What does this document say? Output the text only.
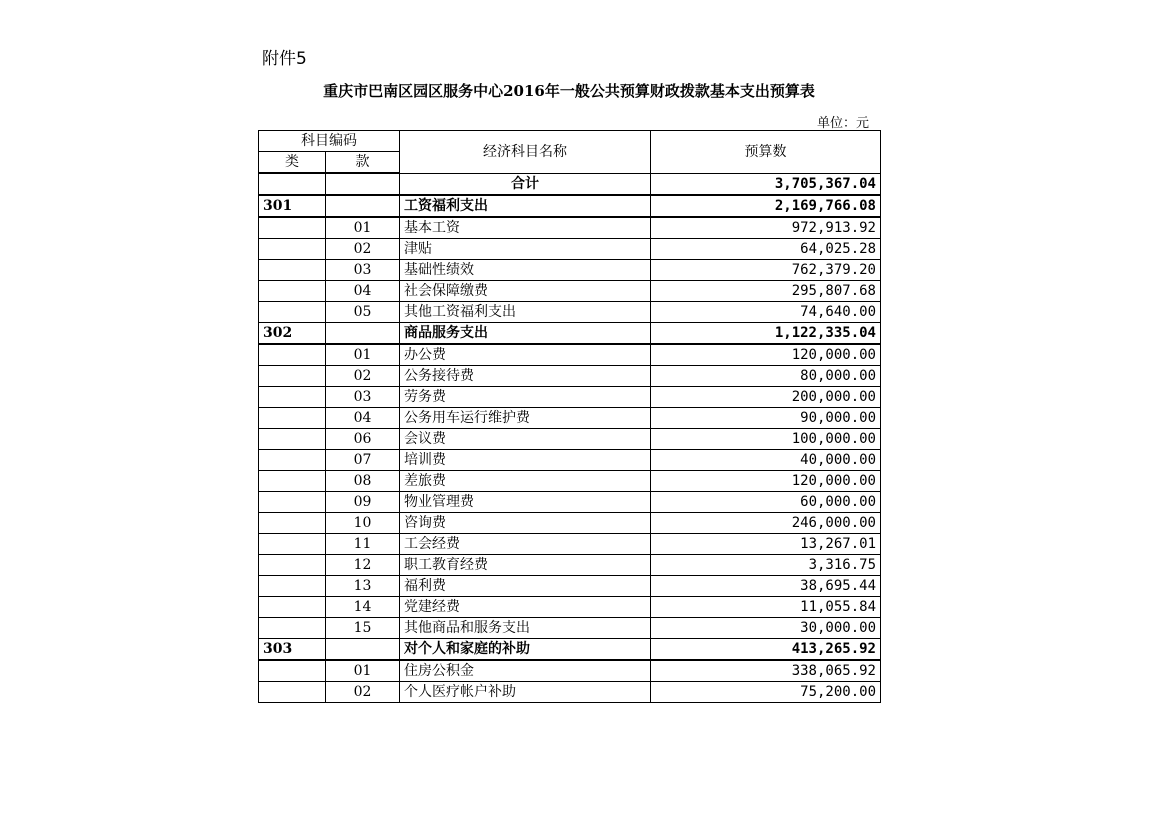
附件5
重庆市巴南区园区服务中心2016年一般公共预算财政拨款基本支出预算表
单位：元
科目编码		经济科目名称	预算数
类	款		
		合计	3,705,367.04
301		工资福利支出	2,169,766.08
	01	基本工资	972,913.92
	02	津贴	64,025.28
	03	基础性绩效	762,379.20
	04	社会保障缴费	295,807.68
	05	其他工资福利支出	74,640.00
302		商品服务支出	1,122,335.04
	01	办公费	120,000.00
	02	公务接待费	80,000.00
	03	劳务费	200,000.00
	04	公务用车运行维护费	90,000.00
	06	会议费	100,000.00
	07	培训费	40,000.00
	08	差旅费	120,000.00
	09	物业管理费	60,000.00
	10	咨询费	246,000.00
	11	工会经费	13,267.01
	12	职工教育经费	3,316.75
	13	福利费	38,695.44
	14	党建经费	11,055.84
	15	其他商品和服务支出	30,000.00
303		对个人和家庭的补助	413,265.92
	01	住房公积金	338,065.92
	02	个人医疗帐户补助	75,200.00
